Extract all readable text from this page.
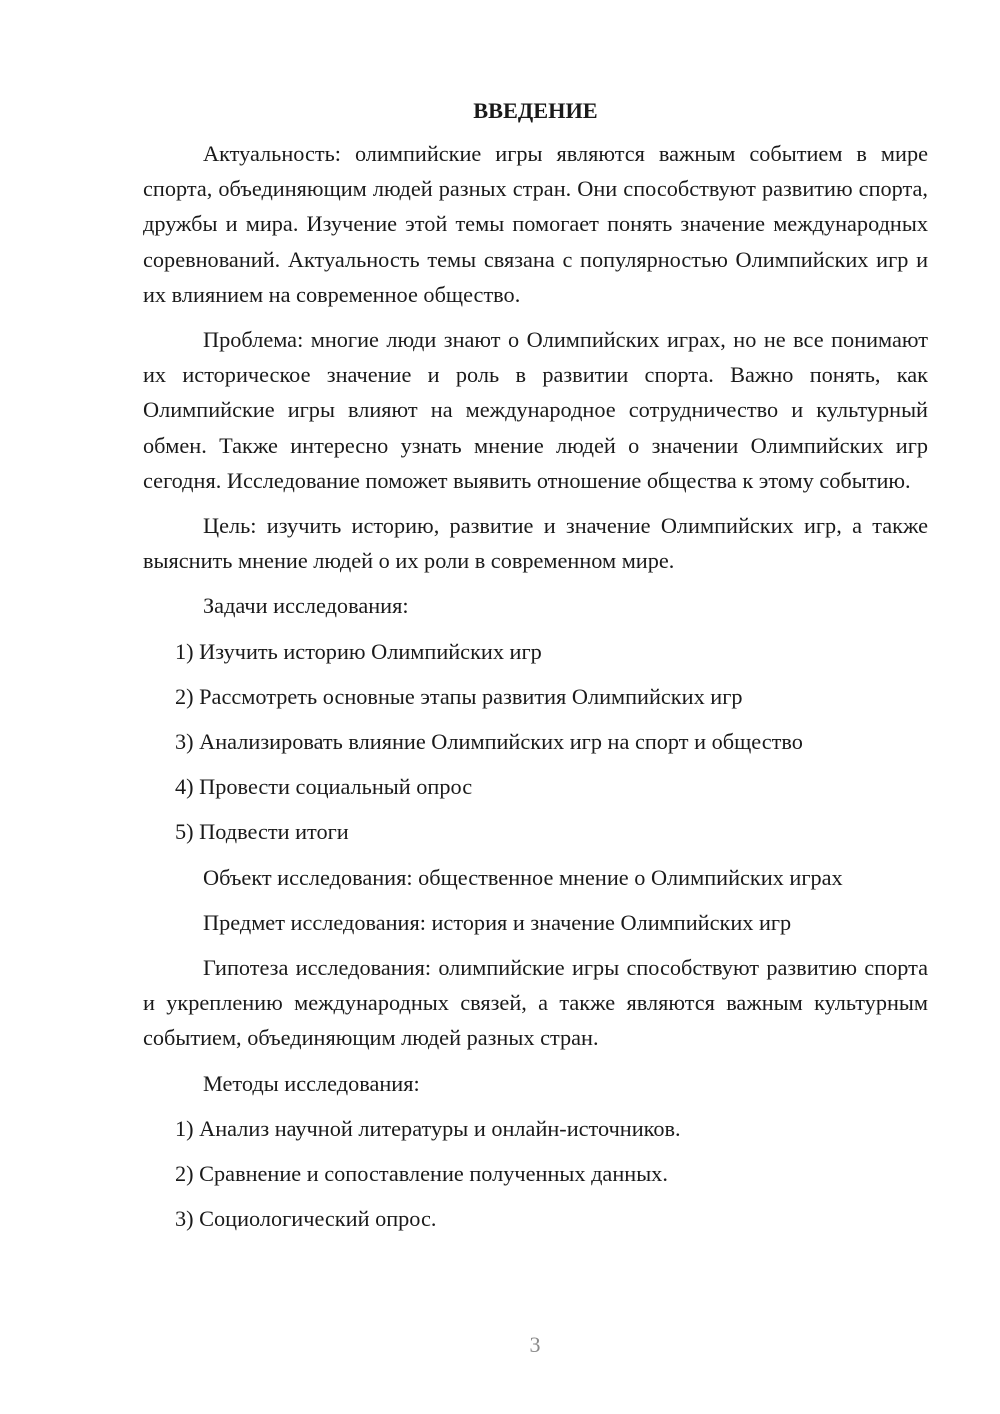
ВВЕДЕНИЕ

Актуальность: олимпийские игры являются важным событием в мире спорта, объединяющим людей разных стран. Они способствуют развитию спорта, дружбы и мира. Изучение этой темы помогает понять значение международных соревнований. Актуальность темы связана с популярностью Олимпийских игр и их влиянием на современное общество.

Проблема: многие люди знают о Олимпийских играх, но не все понимают их историческое значение и роль в развитии спорта. Важно понять, как Олимпийские игры влияют на международное сотрудничество и культурный обмен. Также интересно узнать мнение людей о значении Олимпийских игр сегодня. Исследование поможет выявить отношение общества к этому событию.

Цель: изучить историю, развитие и значение Олимпийских игр, а также выяснить мнение людей о их роли в современном мире.

Задачи исследования:

1) Изучить историю Олимпийских игр

2) Рассмотреть основные этапы развития Олимпийских игр

3) Анализировать влияние Олимпийских игр на спорт и общество

4) Провести социальный опрос

5) Подвести итоги

Объект исследования: общественное мнение о Олимпийских играх

Предмет исследования: история и значение Олимпийских игр

Гипотеза исследования: олимпийские игры способствуют развитию спорта и укреплению международных связей, а также являются важным культурным событием, объединяющим людей разных стран.

Методы исследования:

1) Анализ научной литературы и онлайн-источников.

2) Сравнение и сопоставление полученных данных.

3) Социологический опрос.

3
